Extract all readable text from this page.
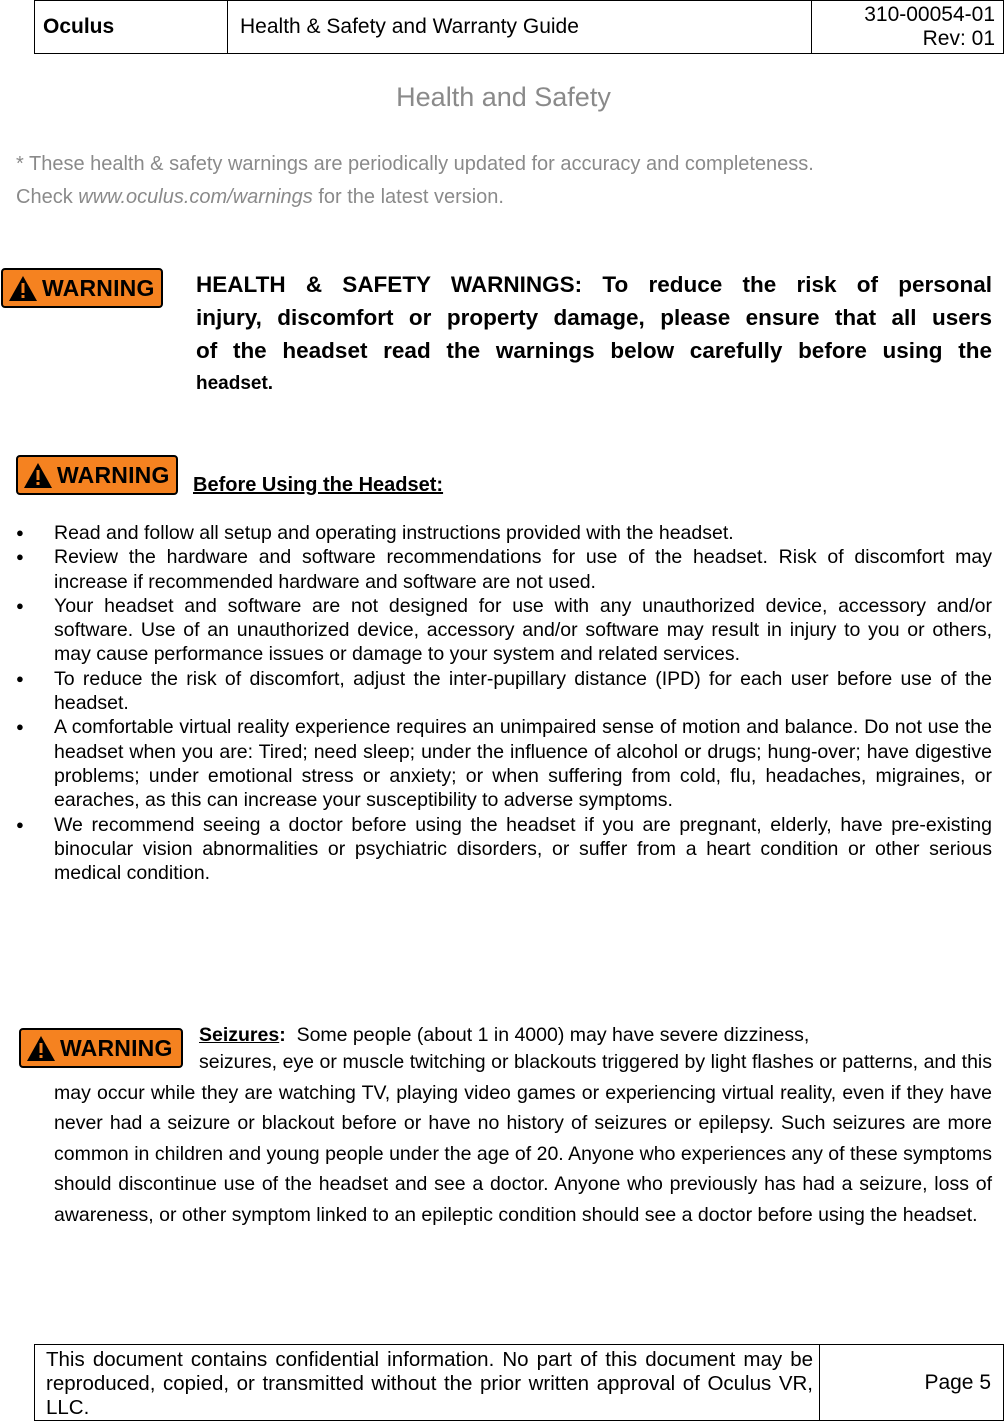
Oculus	Health & Safety and Warranty Guide
310-00054-01
Rev: 01
Health and Safety
* These health & safety warnings are periodically updated for accuracy and completeness.
Check www.oculus.com/warnings for the latest version.
WARNING HEALTH & SAFETY WARNINGS: To reduce the risk of personal
injury, discomfort or property damage, please ensure that all users
of the headset read the warnings below carefully before using the
headset.
WARNING Before Using the Headset:
● Read and follow all setup and operating instructions provided with the headset.
● Review the hardware and software recommendations for use of the headset. Risk of discomfort may increase if recommended hardware and software are not used.
● Your headset and software are not designed for use with any unauthorized device, accessory and/or software. Use of an unauthorized device, accessory and/or software may result in injury to you or others, may cause performance issues or damage to your system and related services.
● To reduce the risk of discomfort, adjust the inter-pupillary distance (IPD) for each user before use of the headset.
● A comfortable virtual reality experience requires an unimpaired sense of motion and balance. Do not use the headset when you are: Tired; need sleep; under the influence of alcohol or drugs; hung-over; have digestive problems; under emotional stress or anxiety; or when suffering from cold, flu, headaches, migraines, or earaches, as this can increase your susceptibility to adverse symptoms.
● We recommend seeing a doctor before using the headset if you are pregnant, elderly, have pre-existing binocular vision abnormalities or psychiatric disorders, or suffer from a heart condition or other serious medical condition.
WARNING Seizures: Some people (about 1 in 4000) may have severe dizziness,
seizures, eye or muscle twitching or blackouts triggered by light flashes or patterns, and this may occur while they are watching TV, playing video games or experiencing virtual reality, even if they have never had a seizure or blackout before or have no history of seizures or epilepsy. Such seizures are more common in children and young people under the age of 20. Anyone who experiences any of these symptoms should discontinue use of the headset and see a doctor. Anyone who previously has had a seizure, loss of awareness, or other symptom linked to an epileptic condition should see a doctor before using the headset.
This document contains confidential information. No part of this document may be reproduced, copied, or transmitted without the prior written approval of Oculus VR, LLC.
Page 5
